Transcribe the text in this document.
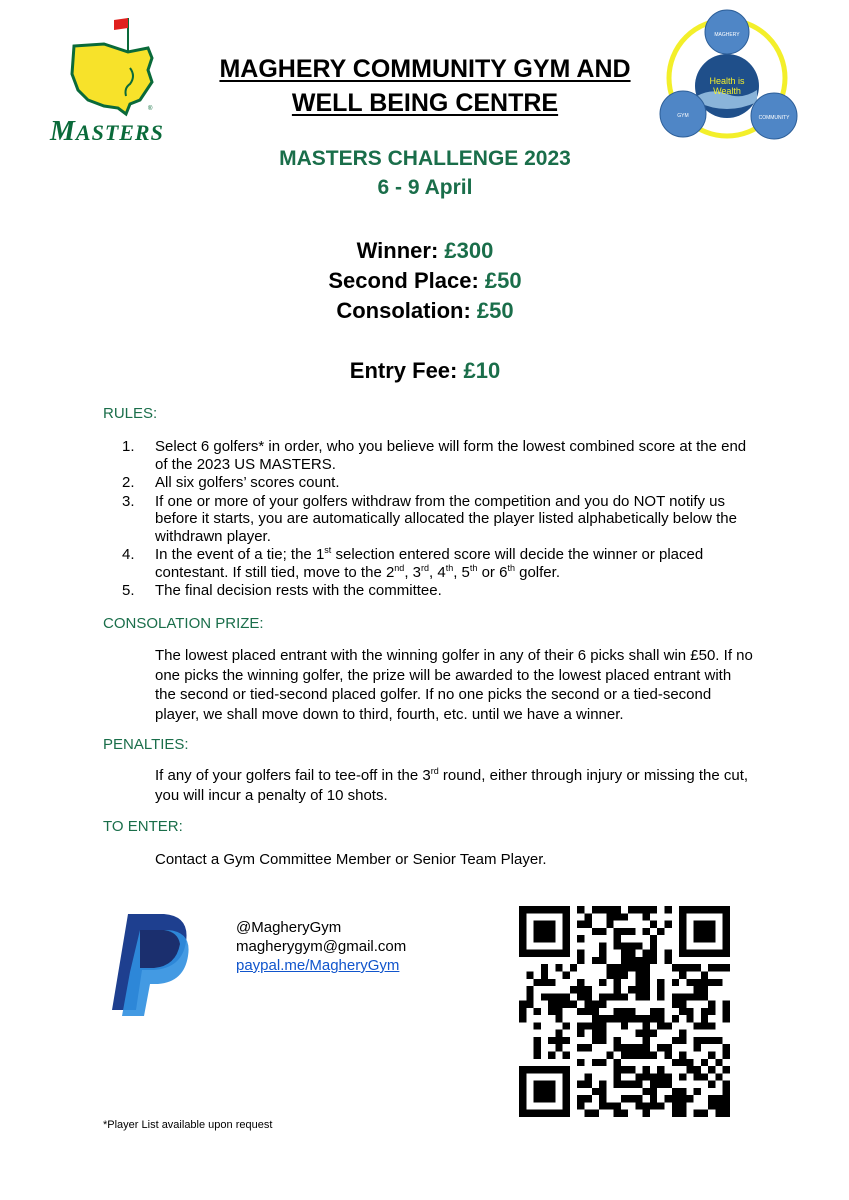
®
MASTERS
Health is
Wealth
MAGHERY
GYM	COMMUNITY
MAGHERY COMMUNITY GYM AND
WELL BEING CENTRE
MASTERS CHALLENGE 2023
6 - 9 April
Winner: £300
Second Place: £50
Consolation: £50
Entry Fee: £10
RULES:
1. Select 6 golfers* in order, who you believe will form the lowest combined score at the end of the 2023 US MASTERS.
2. All six golfers’ scores count.
3. If one or more of your golfers withdraw from the competition and you do NOT notify us before it starts, you are automatically allocated the player listed alphabetically below the withdrawn player.
4. In the event of a tie; the 1st selection entered score will decide the winner or placed contestant. If still tied, move to the 2nd, 3rd, 4th, 5th or 6th golfer.
5. The final decision rests with the committee.
CONSOLATION PRIZE:
The lowest placed entrant with the winning golfer in any of their 6 picks shall win £50. If no one picks the winning golfer, the prize will be awarded to the lowest placed entrant with the second or tied-second placed golfer. If no one picks the second or a tied-second player, we shall move down to third, fourth, etc. until we have a winner.
PENALTIES:
If any of your golfers fail to tee-off in the 3rd round, either through injury or missing the cut, you will incur a penalty of 10 shots.
TO ENTER:
Contact a Gym Committee Member or Senior Team Player.
@MagheryGym
magherygym@gmail.com
paypal.me/MagheryGym
*Player List available upon request
